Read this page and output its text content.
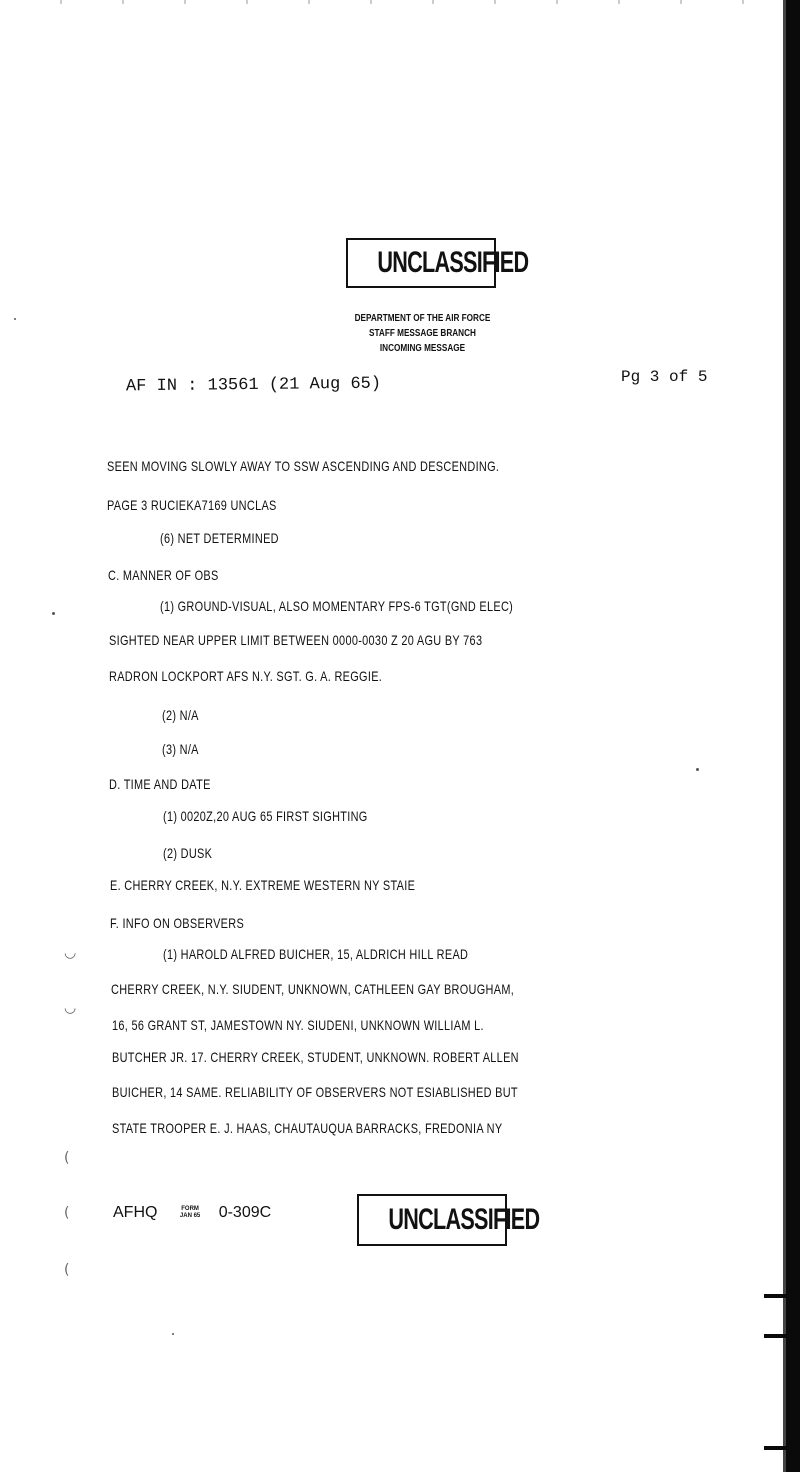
◡
◡
(
(
(
UNCLASSIFIED
DEPARTMENT OF THE AIR FORCE
STAFF MESSAGE BRANCH
INCOMING MESSAGE
AF IN : 13561 (21 Aug 65)	Pg 3 of 5
SEEN MOVING SLOWLY AWAY TO SSW ASCENDING AND DESCENDING.
PAGE 3 RUCIEKA7169 UNCLAS
(6) NET DETERMINED
C. MANNER OF OBS
(1) GROUND-VISUAL, ALSO MOMENTARY FPS-6 TGT(GND ELEC)
SIGHTED NEAR UPPER LIMIT BETWEEN 0000-0030 Z 20 AGU BY 763
RADRON LOCKPORT AFS N.Y. SGT. G. A. REGGIE.
(2) N/A
(3) N/A
D. TIME AND DATE
(1) 0020Z,20 AUG 65 FIRST SIGHTING
(2) DUSK
E. CHERRY CREEK, N.Y. EXTREME WESTERN NY STAIE
F. INFO ON OBSERVERS
(1) HAROLD ALFRED BUICHER, 15, ALDRICH HILL READ
CHERRY CREEK, N.Y. SIUDENT, UNKNOWN, CATHLEEN GAY BROUGHAM,
16, 56 GRANT ST, JAMESTOWN NY. SIUDENI, UNKNOWN WILLIAM L.
BUTCHER JR. 17. CHERRY CREEK, STUDENT, UNKNOWN. ROBERT ALLEN
BUICHER, 14 SAME. RELIABILITY OF OBSERVERS NOT ESIABLISHED BUT
STATE TROOPER E. J. HAAS, CHAUTAUQUA BARRACKS, FREDONIA NY
AFHQ	FORM
JAN 65 0-309C	UNCLASSIFIED
